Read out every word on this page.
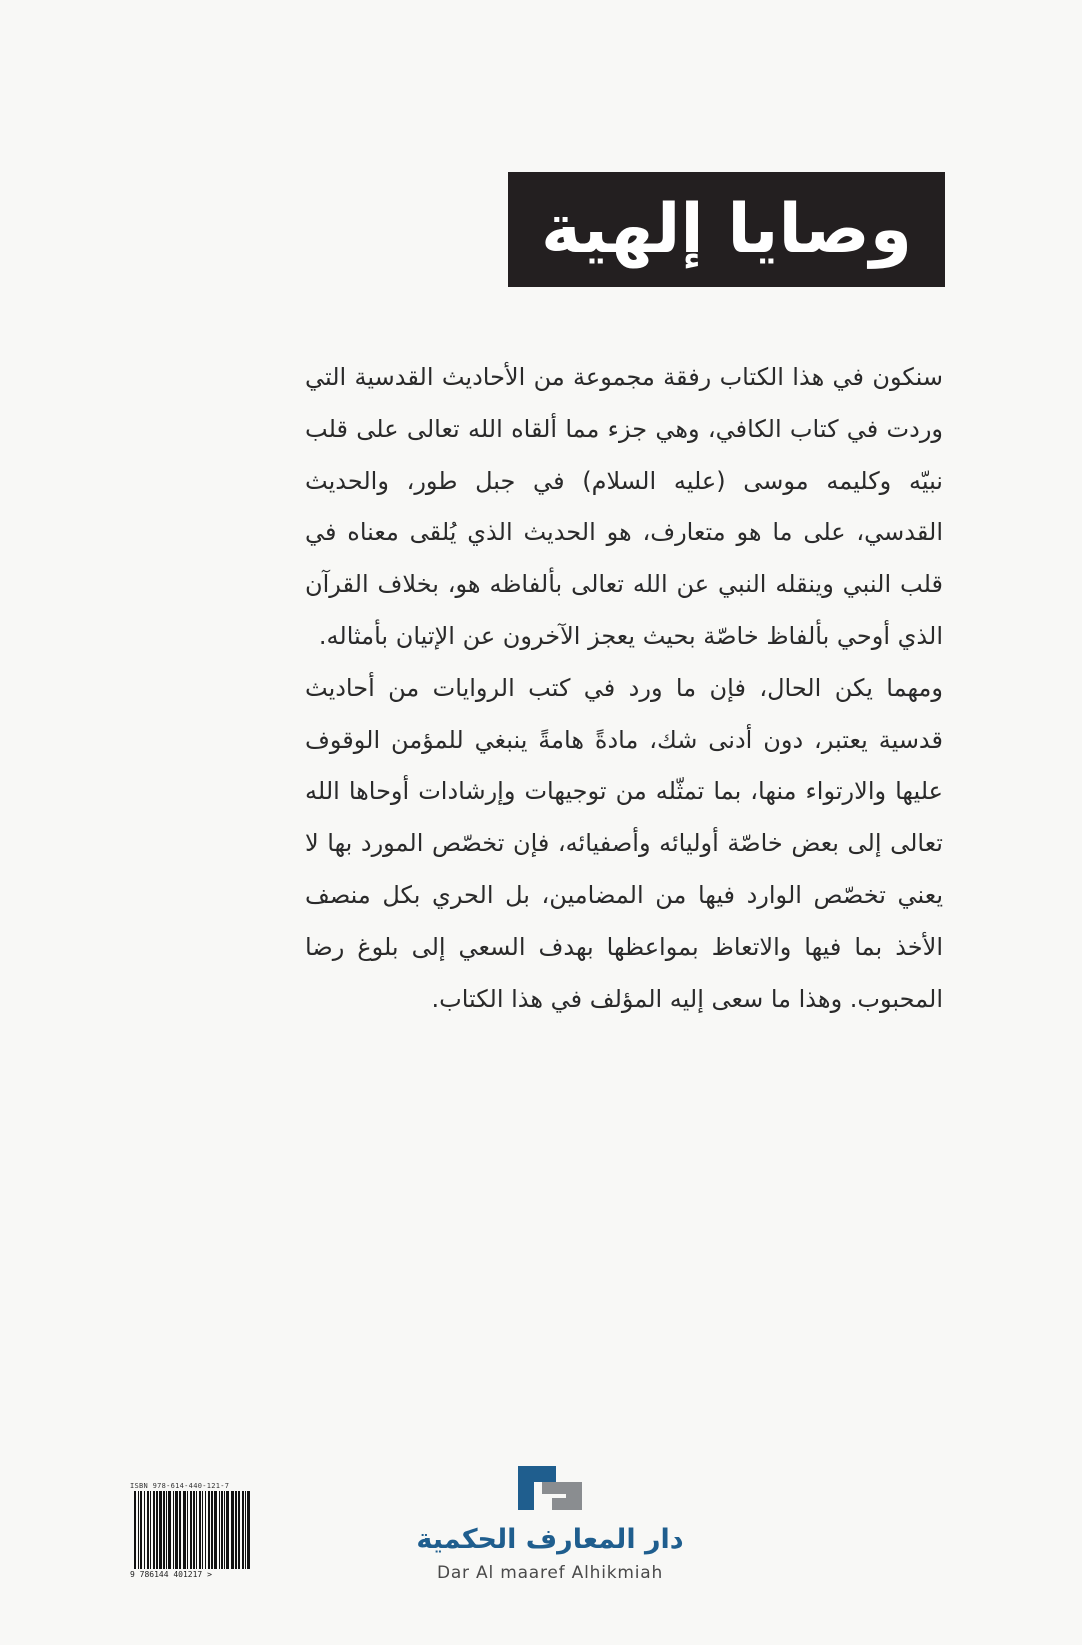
وصايا إلهية

سنكون في هذا الكتاب رفقة مجموعة من الأحاديث القدسية التي وردت في كتاب الكافي، وهي جزء مما ألقاه الله تعالى على قلب نبيّه وكليمه موسى (عليه السلام) في جبل طور، والحديث القدسي، على ما هو متعارف، هو الحديث الذي يُلقى معناه في قلب النبي وينقله النبي عن الله تعالى بألفاظه هو، بخلاف القرآن الذي أوحي بألفاظ خاصّة بحيث يعجز الآخرون عن الإتيان بأمثاله.

ومهما يكن الحال، فإن ما ورد في كتب الروايات من أحاديث قدسية يعتبر، دون أدنى شك، مادةً هامةً ينبغي للمؤمن الوقوف عليها والارتواء منها، بما تمثّله من توجيهات وإرشادات أوحاها الله تعالى إلى بعض خاصّة أوليائه وأصفيائه، فإن تخصّص المورد بها لا يعني تخصّص الوارد فيها من المضامين، بل الحري بكل منصف الأخذ بما فيها والاتعاظ بمواعظها بهدف السعي إلى بلوغ رضا المحبوب. وهذا ما سعى إليه المؤلف في هذا الكتاب.

ISBN 978-614-440-121-7
9 786144 401217 >
دار المعارف الحكمية
Dar Al maaref Alhikmiah
